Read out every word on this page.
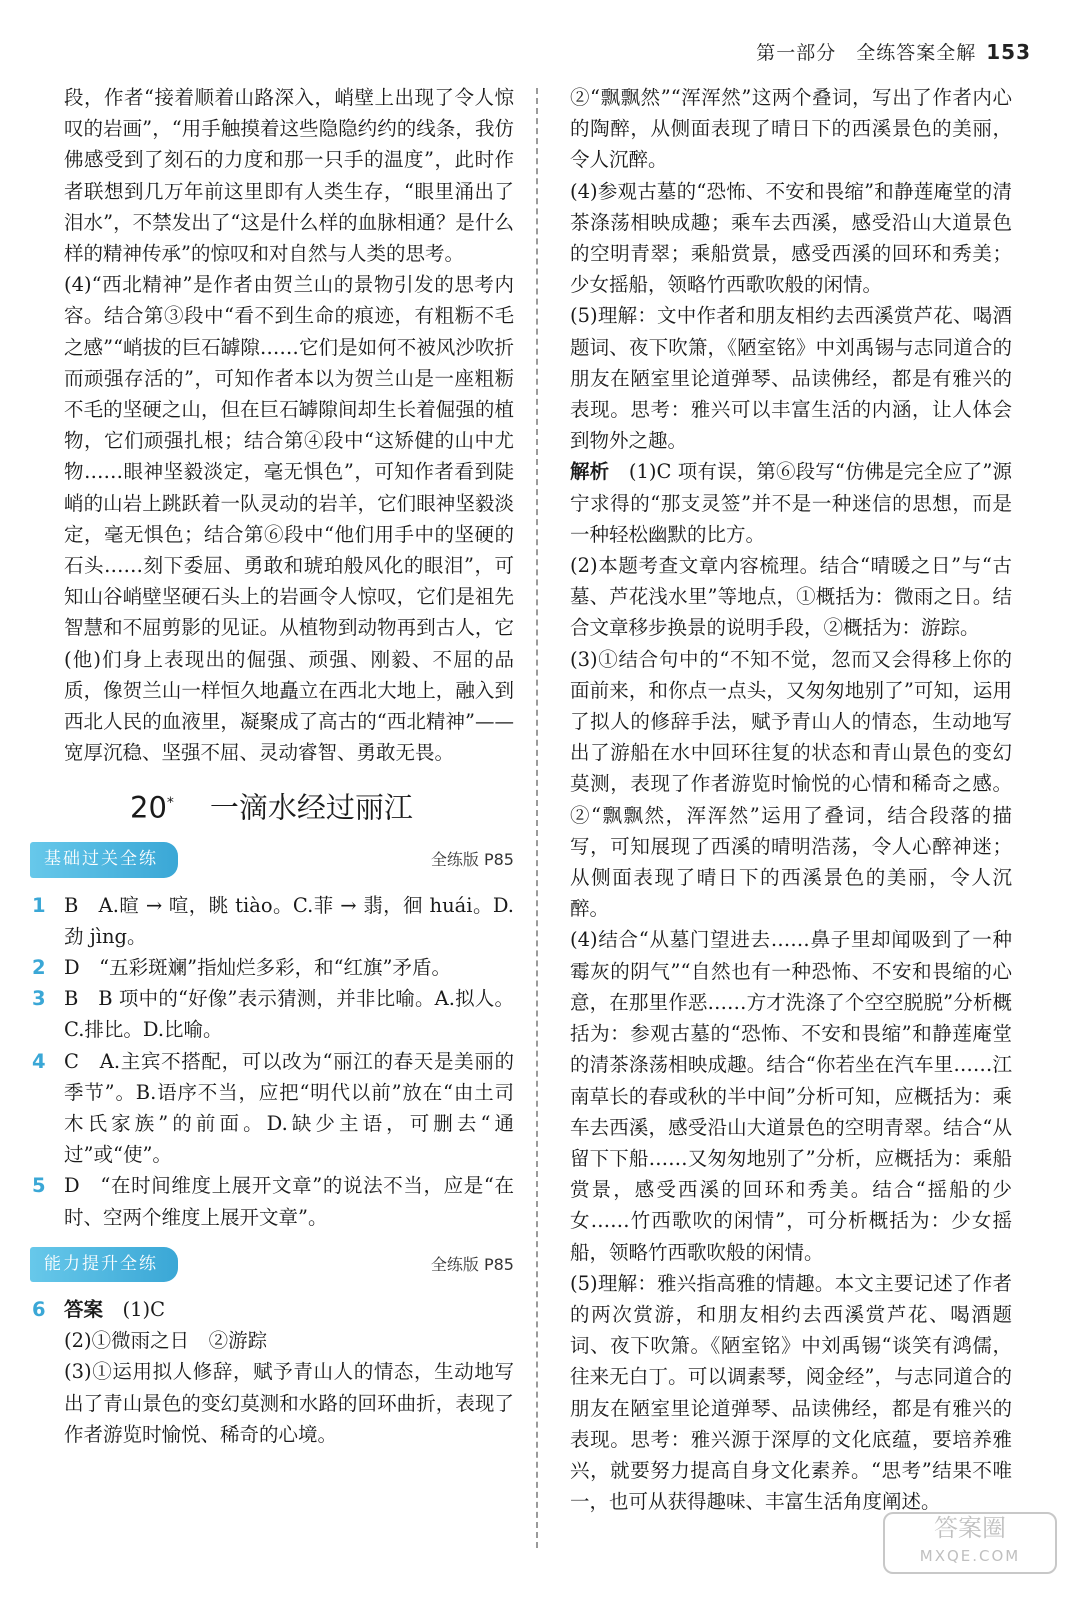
第一部分　全练答案全解 153

段，作者“接着顺着山路深入，峭壁上出现了令人惊叹的岩画”，“用手触摸着这些隐隐约约的线条，我仿佛感受到了刻石的力度和那一只手的温度”，此时作者联想到几万年前这里即有人类生存，“眼里涌出了泪水”，不禁发出了“这是什么样的血脉相通？是什么样的精神传承”的惊叹和对自然与人类的思考。

(4)“西北精神”是作者由贺兰山的景物引发的思考内容。结合第③段中“看不到生命的痕迹，有粗粝不毛之感”“峭拔的巨石罅隙……它们是如何不被风沙吹折而顽强存活的”，可知作者本以为贺兰山是一座粗粝不毛的坚硬之山，但在巨石罅隙间却生长着倔强的植物，它们顽强扎根；结合第④段中“这矫健的山中尤物……眼神坚毅淡定，毫无惧色”，可知作者看到陡峭的山岩上跳跃着一队灵动的岩羊，它们眼神坚毅淡定，毫无惧色；结合第⑥段中“他们用手中的坚硬的石头……刻下委屈、勇敢和琥珀般风化的眼泪”，可知山谷峭壁坚硬石头上的岩画令人惊叹，它们是祖先智慧和不屈剪影的见证。从植物到动物再到古人，它(他)们身上表现出的倔强、顽强、刚毅、不屈的品质，像贺兰山一样恒久地矗立在西北大地上，融入到西北人民的血液里，凝聚成了高古的“西北精神”——宽厚沉稳、坚强不屈、灵动睿智、勇敢无畏。

20* 一滴水经过丽江
基础过关全练	全练版 P85
1 B　A.暄 → 喧，眺 tiào。C.菲 → 翡，徊 huái。D.劲 jìng。

2 D　“五彩斑斓”指灿烂多彩，和“红旗”矛盾。

3 B　B 项中的“好像”表示猜测，并非比喻。A.拟人。C.排比。D.比喻。

4 C　A.主宾不搭配，可以改为“丽江的春天是美丽的季节”。B.语序不当，应把“明代以前”放在“由土司木氏家族”的前面。D.缺少主语，可删去“通过”或“使”。

5 D　“在时间维度上展开文章”的说法不当，应是“在时、空两个维度上展开文章”。

能力提升全练	全练版 P85
6 答案　(1)C

(2)①微雨之日　②游踪

(3)①运用拟人修辞，赋予青山人的情态，生动地写出了青山景色的变幻莫测和水路的回环曲折，表现了作者游览时愉悦、稀奇的心境。

②“飘飘然”“浑浑然”这两个叠词，写出了作者内心的陶醉，从侧面表现了晴日下的西溪景色的美丽，令人沉醉。

(4)参观古墓的“恐怖、不安和畏缩”和静莲庵堂的清茶涤荡相映成趣；乘车去西溪，感受沿山大道景色的空明青翠；乘船赏景，感受西溪的回环和秀美；少女摇船，领略竹西歌吹般的闲情。

(5)理解：文中作者和朋友相约去西溪赏芦花、喝酒题词、夜下吹箫，《陋室铭》中刘禹锡与志同道合的朋友在陋室里论道弹琴、品读佛经，都是有雅兴的表现。思考：雅兴可以丰富生活的内涵，让人体会到物外之趣。

解析　(1)C 项有误，第⑥段写“仿佛是完全应了”源宁求得的“那支灵签”并不是一种迷信的思想，而是一种轻松幽默的比方。

(2)本题考查文章内容梳理。结合“晴暖之日”与“古墓、芦花浅水里”等地点，①概括为：微雨之日。结合文章移步换景的说明手段，②概括为：游踪。

(3)①结合句中的“不知不觉，忽而又会得移上你的面前来，和你点一点头，又匆匆地别了”可知，运用了拟人的修辞手法，赋予青山人的情态，生动地写出了游船在水中回环往复的状态和青山景色的变幻莫测，表现了作者游览时愉悦的心情和稀奇之感。②“飘飘然，浑浑然”运用了叠词，结合段落的描写，可知展现了西溪的晴明浩荡，令人心醉神迷；从侧面表现了晴日下的西溪景色的美丽，令人沉醉。

(4)结合“从墓门望进去……鼻子里却闻吸到了一种霉灰的阴气”“自然也有一种恐怖、不安和畏缩的心意，在那里作恶……方才洗涤了个空空脱脱”分析概括为：参观古墓的“恐怖、不安和畏缩”和静莲庵堂的清茶涤荡相映成趣。结合“你若坐在汽车里……江南草长的春或秋的半中间”分析可知，应概括为：乘车去西溪，感受沿山大道景色的空明青翠。结合“从留下下船……又匆匆地别了”分析，应概括为：乘船赏景，感受西溪的回环和秀美。结合“摇船的少女……竹西歌吹的闲情”，可分析概括为：少女摇船，领略竹西歌吹般的闲情。

(5)理解：雅兴指高雅的情趣。本文主要记述了作者的两次赏游，和朋友相约去西溪赏芦花、喝酒题词、夜下吹箫。《陋室铭》中刘禹锡“谈笑有鸿儒，往来无白丁。可以调素琴，阅金经”，与志同道合的朋友在陋室里论道弹琴、品读佛经，都是有雅兴的表现。思考：雅兴源于深厚的文化底蕴，要培养雅兴，就要努力提高自身文化素养。“思考”结果不唯一，也可从获得趣味、丰富生活角度阐述。

答案圈
MXQE.COM
